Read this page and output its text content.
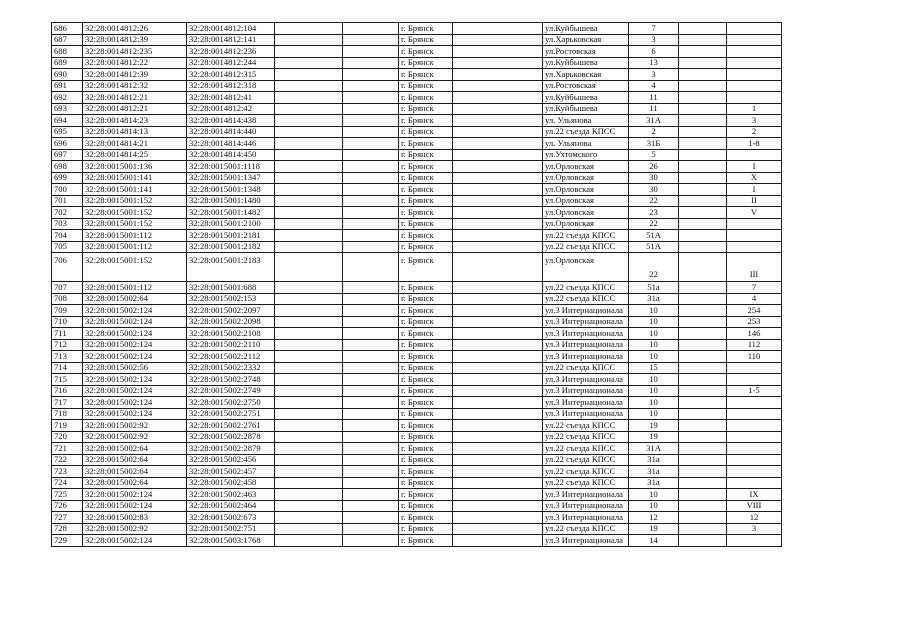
686	32:28:0014812:26	32:28:0014812:104			г. Брянск		ул.Куйбышева	7		
687	32:28:0014812:39	32:28:0014812:141			г. Брянск		ул.Харьковская	3		
688	32:28:0014812:235	32:28:0014812:236			г. Брянск		ул.Ростовская	6		
689	32:28:0014812:22	32:28:0014812:244			г. Брянск		ул.Куйбышева	13		
690	32:28:0014812:39	32:28:0014812:315			г. Брянск		ул.Харьковская	3		
691	32:28:0014812:32	32:28:0014812:318			г. Брянск		ул.Ростовская	4		
692	32:28:0014812:21	32:28:0014812:41			г. Брянск		ул.Куйбышева	11		
693	32:28:0014812:21	32:28:0014812:42			г. Брянск		ул.Куйбышева	11		1
694	32:28:0014814:23	32:28:0014814:438			г. Брянск		ул. Ульянова	31А		3
695	32:28:0014814:13	32:28:0014814:440			г. Брянск		ул.22 съезда КПСС	2		2
696	32:28:0014814:21	32:28:0014814:446			г. Брянск		ул. Ульянова	31Б		1-8
697	32:28:0014814:25	32:28:0014814:450			г. Брянск		ул.Ухтомского	5		
698	32:28:0015001:136	32:28:0015001:1118			г. Брянск		ул.Орловская	26		I
699	32:28:0015001:141	32:28:0015001:1347			г. Брянск		ул.Орловская	30		X
700	32:28:0015001:141	32:28:0015001:1348			г. Брянск		ул.Орловская	30		I
701	32:28:0015001:152	32:28:0015001:1480			г. Брянск		ул.Орловская	22		II
702	32:28:0015001:152	32:28:0015001:1482			г. Брянск		ул.Орловская	23		V
703	32:28:0015001:152	32:28:0015001:2100			г. Брянск		ул.Орловская	22		
704	32:28:0015001:112	32:28:0015001:2181			г. Брянск		ул.22 съезда КПСС	51А		
705	32:28:0015001:112	32:28:0015001:2182			г. Брянск		ул.22 съезда КПСС	51А		
706	32:28:0015001:152	32:28:0015001:2183			г. Брянск		ул.Орловская	22		III
707	32:28:0015001:112	32:28:0015001:688			г. Брянск		ул.22 съезда КПСС	51а		7
708	32:28:0015002:64	32:28:0015002:153			г. Брянск		ул.22 съезда КПСС	31а		4
709	32:28:0015002:124	32:28:0015002:2097			г. Брянск		ул.3 Интернационала	10		254
710	32:28:0015002:124	32:28:0015002:2098			г. Брянск		ул.3 Интернационала	10		253
711	32:28:0015002:124	32:28:0015002:2108			г. Брянск		ул.3 Интернационала	10		146
712	32:28:0015002:124	32:28:0015002:2110			г. Брянск		ул.3 Интернационала	10		112
713	32:28:0015002:124	32:28:0015002:2112			г. Брянск		ул.3 Интернационала	10		110
714	32:28:0015002:56	32:28:0015002:2332			г. Брянск		ул.22 съезда КПСС	15		
715	32:28:0015002:124	32:28:0015002:2748			г. Брянск		ул.3 Интернационала	10		
716	32:28:0015002:124	32:28:0015002:2749			г. Брянск		ул.3 Интернационала	10		1-5
717	32:28:0015002:124	32:28:0015002:2750			г. Брянск		ул.3 Интернационала	10		
718	32:28:0015002:124	32:28:0015002:2751			г. Брянск		ул.3 Интернационала	10		
719	32:28:0015002:92	32:28:0015002:2761			г. Брянск		ул.22 съезда КПСС	19		
720	32:28:0015002:92	32:28:0015002:2878			г. Брянск		ул.22 съезда КПСС	19		
721	32:28:0015002:64	32:28:0015002:2879			г. Брянск		ул.22 съезда КПСС	31А		
722	32:28:0015002:64	32:28:0015002:456			г. Брянск		ул.22 съезда КПСС	31а		
723	32:28:0015002:64	32:28:0015002:457			г. Брянск		ул.22 съезда КПСС	31а		
724	32:28:0015002:64	32:28:0015002:458			г. Брянск		ул.22 съезда КПСС	31а		
725	32:28:0015002:124	32:28:0015002:463			г. Брянск		ул.3 Интернационала	10		IX
726	32:28:0015002:124	32:28:0015002:464			г. Брянск		ул.3 Интернационала	10		VIII
727	32:28:0015002:83	32:28:0015002:673			г. Брянск		ул.3 Интернационала	12		12
728	32:28:0015002:92	32:28:0015002:751			г. Брянск		ул.22 съезда КПСС	19		3
729	32:28:0015002:124	32:28:0015003:1768			г. Брянск		ул.3 Интернационала	14		
